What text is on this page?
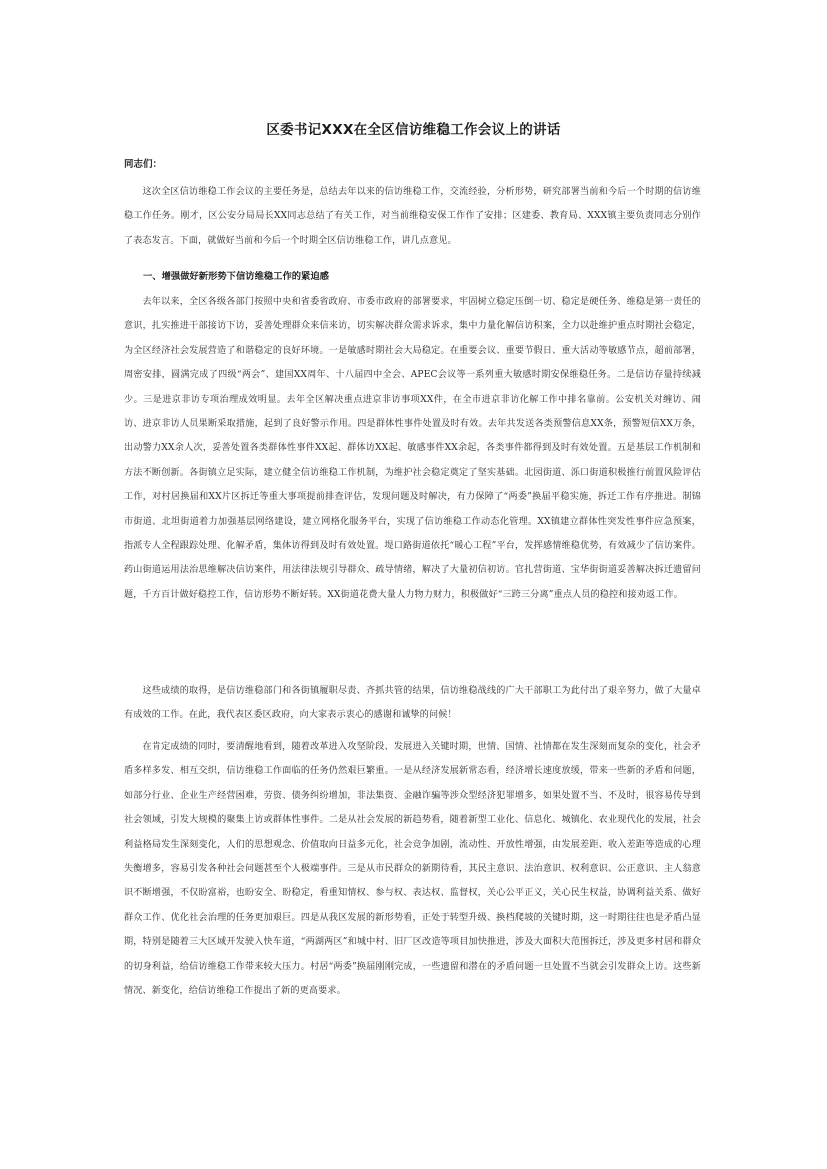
区委书记XXX在全区信访维稳工作会议上的讲话
同志们：
这次全区信访维稳工作会议的主要任务是，总结去年以来的信访维稳工作，交流经验，分析形势，研究部署当前和今后一个时期的信访维稳工作任务。刚才，区公安分局局长XX同志总结了有关工作，对当前维稳安保工作作了安排；区建委、教育局、XXX镇主要负责同志分别作了表态发言。下面，就做好当前和今后一个时期全区信访维稳工作，讲几点意见。
一、增强做好新形势下信访维稳工作的紧迫感
去年以来，全区各级各部门按照中央和省委省政府、市委市政府的部署要求，牢固树立稳定压倒一切、稳定是硬任务、维稳是第一责任的意识，扎实推进干部接访下访，妥善处理群众来信来访，切实解决群众需求诉求，集中力量化解信访积案，全力以赴维护重点时期社会稳定，为全区经济社会发展营造了和谐稳定的良好环境。一是敏感时期社会大局稳定。在重要会议、重要节假日、重大活动等敏感节点，超前部署，周密安排，圆满完成了四级“两会”、建国XX周年、十八届四中全会、APEC会议等一系列重大敏感时期安保维稳任务。二是信访存量持续减少。三是进京非访专项治理成效明显。去年全区解决重点进京非访事项XX件，在全市进京非访化解工作中排名靠前。公安机关对缠访、闹访、进京非访人员果断采取措施，起到了良好警示作用。四是群体性事件处置及时有效。去年共发送各类预警信息XX条，预警短信XX万条，出动警力XX余人次，妥善处置各类群体性事件XX起、群体访XX起、敏感事件XX余起，各类事件都得到及时有效处置。五是基层工作机制和方法不断创新。各街镇立足实际，建立健全信访维稳工作机制，为维护社会稳定奠定了坚实基础。北园街道、泺口街道积极推行前置风险评估工作，对村居换届和XX片区拆迁等重大事项提前排查评估，发现问题及时解决，有力保障了“两委”换届平稳实施，拆迁工作有序推进。制锦市街道、北坦街道着力加强基层网络建设，建立网格化服务平台，实现了信访维稳工作动态化管理。XX镇建立群体性突发性事件应急预案，指派专人全程跟踪处理、化解矛盾，集体访得到及时有效处置。堤口路街道依托“暖心工程”平台，发挥感情维稳优势，有效减少了信访案件。药山街道运用法治思维解决信访案件，用法律法规引导群众、疏导情绪，解决了大量初信初访。官扎营街道、宝华街街道妥善解决拆迁遗留问题，千方百计做好稳控工作，信访形势不断好转。XX街道花费大量人力物力财力，积极做好“三跨三分离”重点人员的稳控和接劝返工作。
这些成绩的取得，是信访维稳部门和各街镇履职尽责、齐抓共管的结果，信访维稳战线的广大干部职工为此付出了艰辛努力，做了大量卓有成效的工作。在此，我代表区委区政府，向大家表示衷心的感谢和诚挚的问候！
在肯定成绩的同时，要清醒地看到，随着改革进入攻坚阶段、发展进入关键时期，世情、国情、社情都在发生深刻而复杂的变化，社会矛盾多样多发、相互交织，信访维稳工作面临的任务仍然艰巨繁重。一是从经济发展新常态看，经济增长速度放缓，带来一些新的矛盾和问题，如部分行业、企业生产经营困难，劳资、债务纠纷增加，非法集资、金融诈骗等涉众型经济犯罪增多，如果处置不当、不及时，很容易传导到社会领域，引发大规模的聚集上访或群体性事件。二是从社会发展的新趋势看，随着新型工业化、信息化、城镇化、农业现代化的发展，社会利益格局发生深刻变化，人们的思想观念、价值取向日益多元化，社会竞争加剧，流动性、开放性增强，由发展差距、收入差距等造成的心理失衡增多，容易引发各种社会问题甚至个人极端事件。三是从市民群众的新期待看，其民主意识、法治意识、权利意识、公正意识、主人翁意识不断增强，不仅盼富裕，也盼安全、盼稳定，看重知情权、参与权、表达权、监督权，关心公平正义，关心民生权益，协调利益关系、做好群众工作、优化社会治理的任务更加艰巨。四是从我区发展的新形势看，正处于转型升级、换档爬坡的关键时期，这一时期往往也是矛盾凸显期，特别是随着三大区域开发驶入快车道，“两湖两区”和城中村、旧厂区改造等项目加快推进，涉及大面积大范围拆迁，涉及更多村居和群众的切身利益，给信访维稳工作带来较大压力。村居“两委”换届刚刚完成，一些遗留和潜在的矛盾问题一旦处置不当就会引发群众上访。这些新情况、新变化，给信访维稳工作提出了新的更高要求。
